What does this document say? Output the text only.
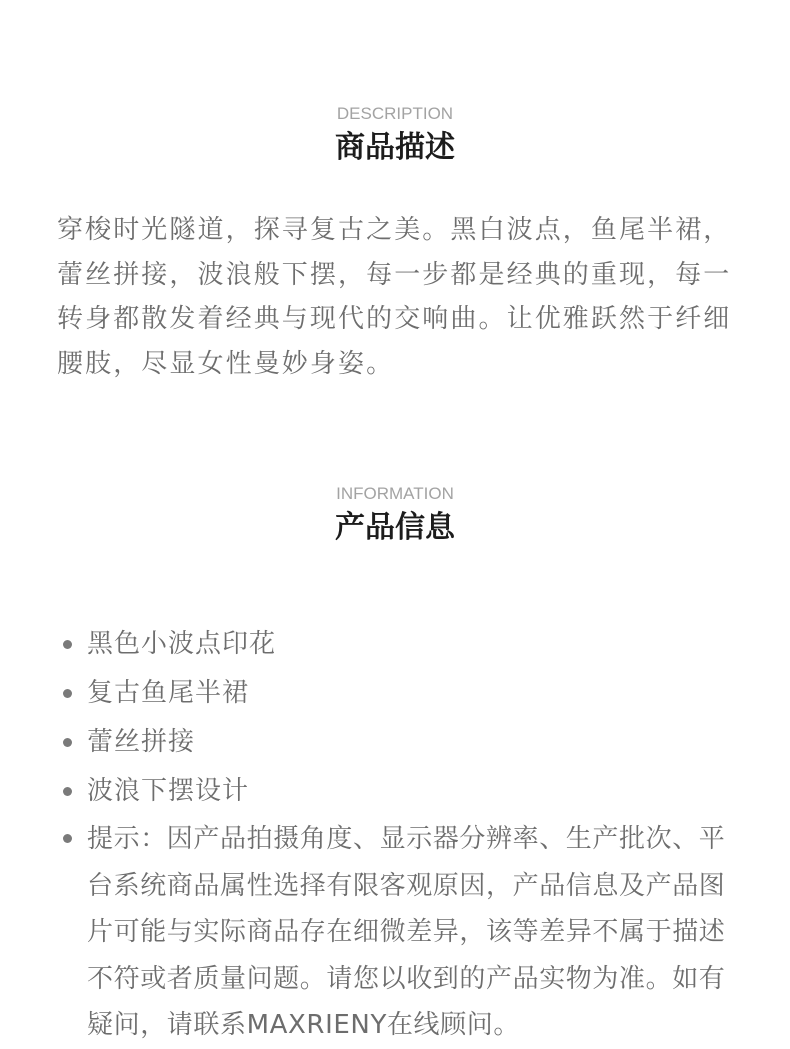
DESCRIPTION
商品描述

穿梭时光隧道，探寻复古之美。黑白波点，鱼尾半裙，蕾丝拼接，波浪般下摆，每一步都是经典的重现，每一转身都散发着经典与现代的交响曲。让优雅跃然于纤细腰肢，尽显女性曼妙身姿。

INFORMATION
产品信息
黑色小波点印花
复古鱼尾半裙
蕾丝拼接
波浪下摆设计
提示：因产品拍摄角度、显示器分辨率、生产批次、平台系统商品属性选择有限客观原因，产品信息及产品图片可能与实际商品存在细微差异，该等差异不属于描述不符或者质量问题。请您以收到的产品实物为准。如有疑问，请联系MAXRIENY在线顾问。
